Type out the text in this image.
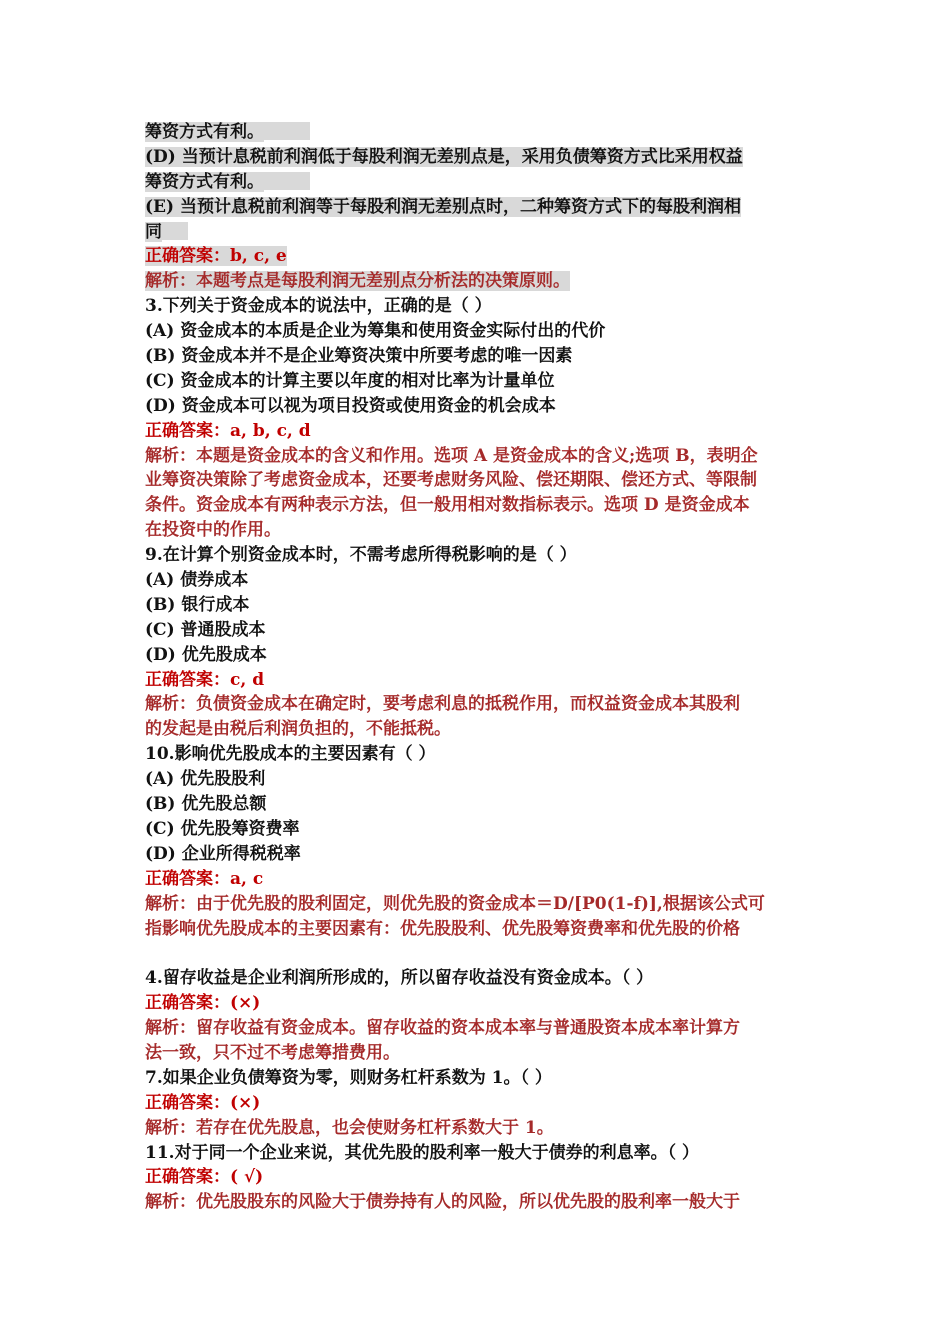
筹资方式有利。
(D) 当预计息税前利润低于每股利润无差别点是，采用负债筹资方式比采用权益
筹资方式有利。
(E) 当预计息税前利润等于每股利润无差别点时，二种筹资方式下的每股利润相
同
正确答案：b, c, e
解析：本题考点是每股利润无差别点分析法的决策原则。
3.下列关于资金成本的说法中，正确的是（ ）
(A) 资金成本的本质是企业为筹集和使用资金实际付出的代价
(B) 资金成本并不是企业筹资决策中所要考虑的唯一因素
(C) 资金成本的计算主要以年度的相对比率为计量单位
(D) 资金成本可以视为项目投资或使用资金的机会成本
正确答案：a, b, c, d
解析：本题是资金成本的含义和作用。选项 A 是资金成本的含义;选项 B，表明企
业筹资决策除了考虑资金成本，还要考虑财务风险、偿还期限、偿还方式、等限制
条件。资金成本有两种表示方法，但一般用相对数指标表示。选项 D 是资金成本
在投资中的作用。
9.在计算个别资金成本时，不需考虑所得税影响的是（ ）
(A) 债券成本
(B) 银行成本
(C) 普通股成本
(D) 优先股成本
正确答案：c, d
解析：负债资金成本在确定时，要考虑利息的抵税作用，而权益资金成本其股利
的发起是由税后利润负担的，不能抵税。
10.影响优先股成本的主要因素有（ ）
(A) 优先股股利
(B) 优先股总额
(C) 优先股筹资费率
(D) 企业所得税税率
正确答案：a, c
解析：由于优先股的股利固定，则优先股的资金成本＝D/[P0(1-f)],根据该公式可
指影响优先股成本的主要因素有：优先股股利、优先股筹资费率和优先股的价格
4.留存收益是企业利润所形成的，所以留存收益没有资金成本。（ ）
正确答案：(×)
解析：留存收益有资金成本。留存收益的资本成本率与普通股资本成本率计算方
法一致，只不过不考虑筹措费用。
7.如果企业负债筹资为零，则财务杠杆系数为 1。（ ）
正确答案：(×)
解析：若存在优先股息，也会使财务杠杆系数大于 1。
11.对于同一个企业来说，其优先股的股利率一般大于债券的利息率。（ ）
正确答案：( √)
解析：优先股股东的风险大于债券持有人的风险，所以优先股的股利率一般大于
